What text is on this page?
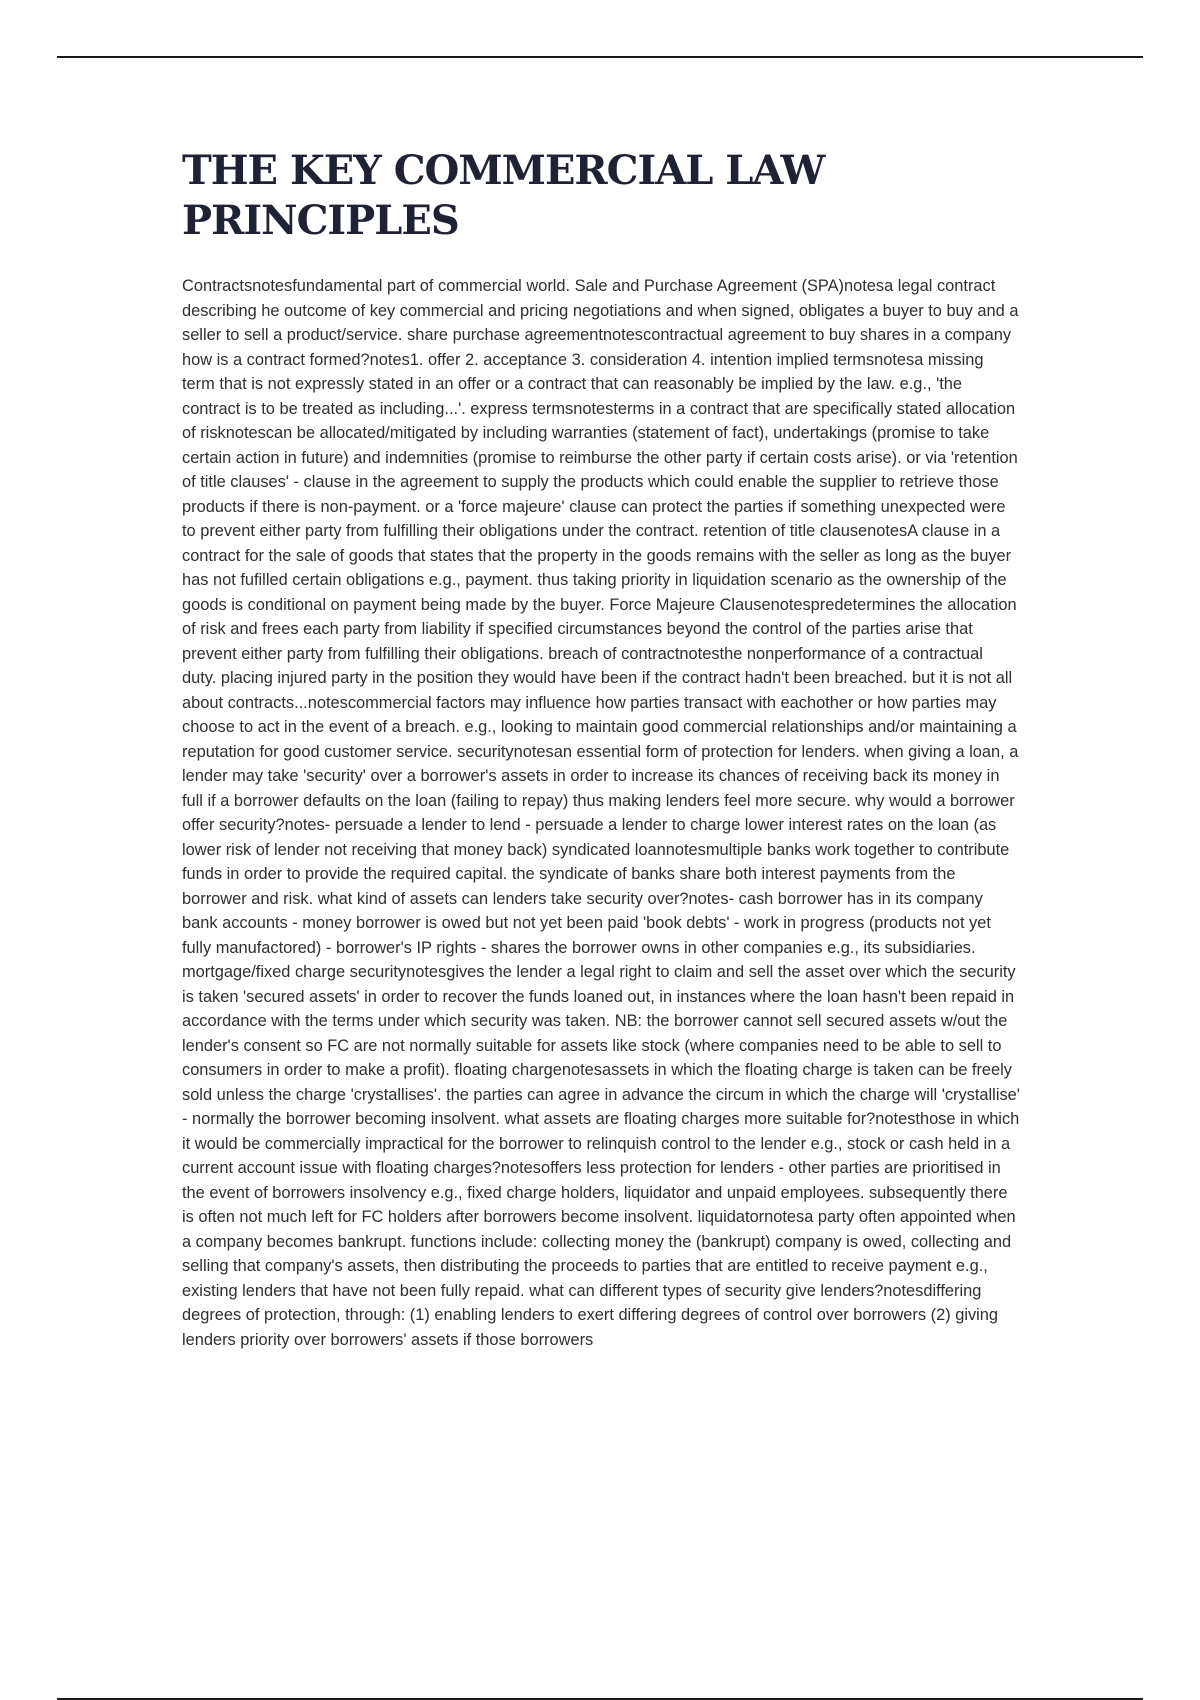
THE KEY COMMERCIAL LAW PRINCIPLES

Contractsnotesfundamental part of commercial world. Sale and Purchase Agreement (SPA)notesa legal contract describing he outcome of key commercial and pricing negotiations and when signed, obligates a buyer to buy and a seller to sell a product/service. share purchase agreementnotescontractual agreement to buy shares in a company how is a contract formed?notes1. offer 2. acceptance 3. consideration 4. intention implied termsnotesa missing term that is not expressly stated in an offer or a contract that can reasonably be implied by the law. e.g., 'the contract is to be treated as including...'. express termsnotesterms in a contract that are specifically stated allocation of risknotescan be allocated/mitigated by including warranties (statement of fact), undertakings (promise to take certain action in future) and indemnities (promise to reimburse the other party if certain costs arise). or via 'retention of title clauses' - clause in the agreement to supply the products which could enable the supplier to retrieve those products if there is non-payment. or a 'force majeure' clause can protect the parties if something unexpected were to prevent either party from fulfilling their obligations under the contract. retention of title clausenotesA clause in a contract for the sale of goods that states that the property in the goods remains with the seller as long as the buyer has not fufilled certain obligations e.g., payment. thus taking priority in liquidation scenario as the ownership of the goods is conditional on payment being made by the buyer. Force Majeure Clausenotespredetermines the allocation of risk and frees each party from liability if specified circumstances beyond the control of the parties arise that prevent either party from fulfilling their obligations. breach of contractnotesthe nonperformance of a contractual duty. placing injured party in the position they would have been if the contract hadn't been breached. but it is not all about contracts...notescommercial factors may influence how parties transact with eachother or how parties may choose to act in the event of a breach. e.g., looking to maintain good commercial relationships and/or maintaining a reputation for good customer service. securitynotesan essential form of protection for lenders. when giving a loan, a lender may take 'security' over a borrower's assets in order to increase its chances of receiving back its money in full if a borrower defaults on the loan (failing to repay) thus making lenders feel more secure. why would a borrower offer security?notes- persuade a lender to lend - persuade a lender to charge lower interest rates on the loan (as lower risk of lender not receiving that money back) syndicated loannotesmultiple banks work together to contribute funds in order to provide the required capital. the syndicate of banks share both interest payments from the borrower and risk. what kind of assets can lenders take security over?notes- cash borrower has in its company bank accounts - money borrower is owed but not yet been paid 'book debts' - work in progress (products not yet fully manufactored) - borrower's IP rights - shares the borrower owns in other companies e.g., its subsidiaries. mortgage/fixed charge securitynotesgives the lender a legal right to claim and sell the asset over which the security is taken 'secured assets' in order to recover the funds loaned out, in instances where the loan hasn't been repaid in accordance with the terms under which security was taken. NB: the borrower cannot sell secured assets w/out the lender's consent so FC are not normally suitable for assets like stock (where companies need to be able to sell to consumers in order to make a profit). floating chargenotesassets in which the floating charge is taken can be freely sold unless the charge 'crystallises'. the parties can agree in advance the circum in which the charge will 'crystallise' - normally the borrower becoming insolvent. what assets are floating charges more suitable for?notesthose in which it would be commercially impractical for the borrower to relinquish control to the lender e.g., stock or cash held in a current account issue with floating charges?notesoffers less protection for lenders - other parties are prioritised in the event of borrowers insolvency e.g., fixed charge holders, liquidator and unpaid employees. subsequently there is often not much left for FC holders after borrowers become insolvent. liquidatornotesa party often appointed when a company becomes bankrupt. functions include: collecting money the (bankrupt) company is owed, collecting and selling that company's assets, then distributing the proceeds to parties that are entitled to receive payment e.g., existing lenders that have not been fully repaid. what can different types of security give lenders?notesdiffering degrees of protection, through: (1) enabling lenders to exert differing degrees of control over borrowers (2) giving lenders priority over borrowers' assets if those borrowers
